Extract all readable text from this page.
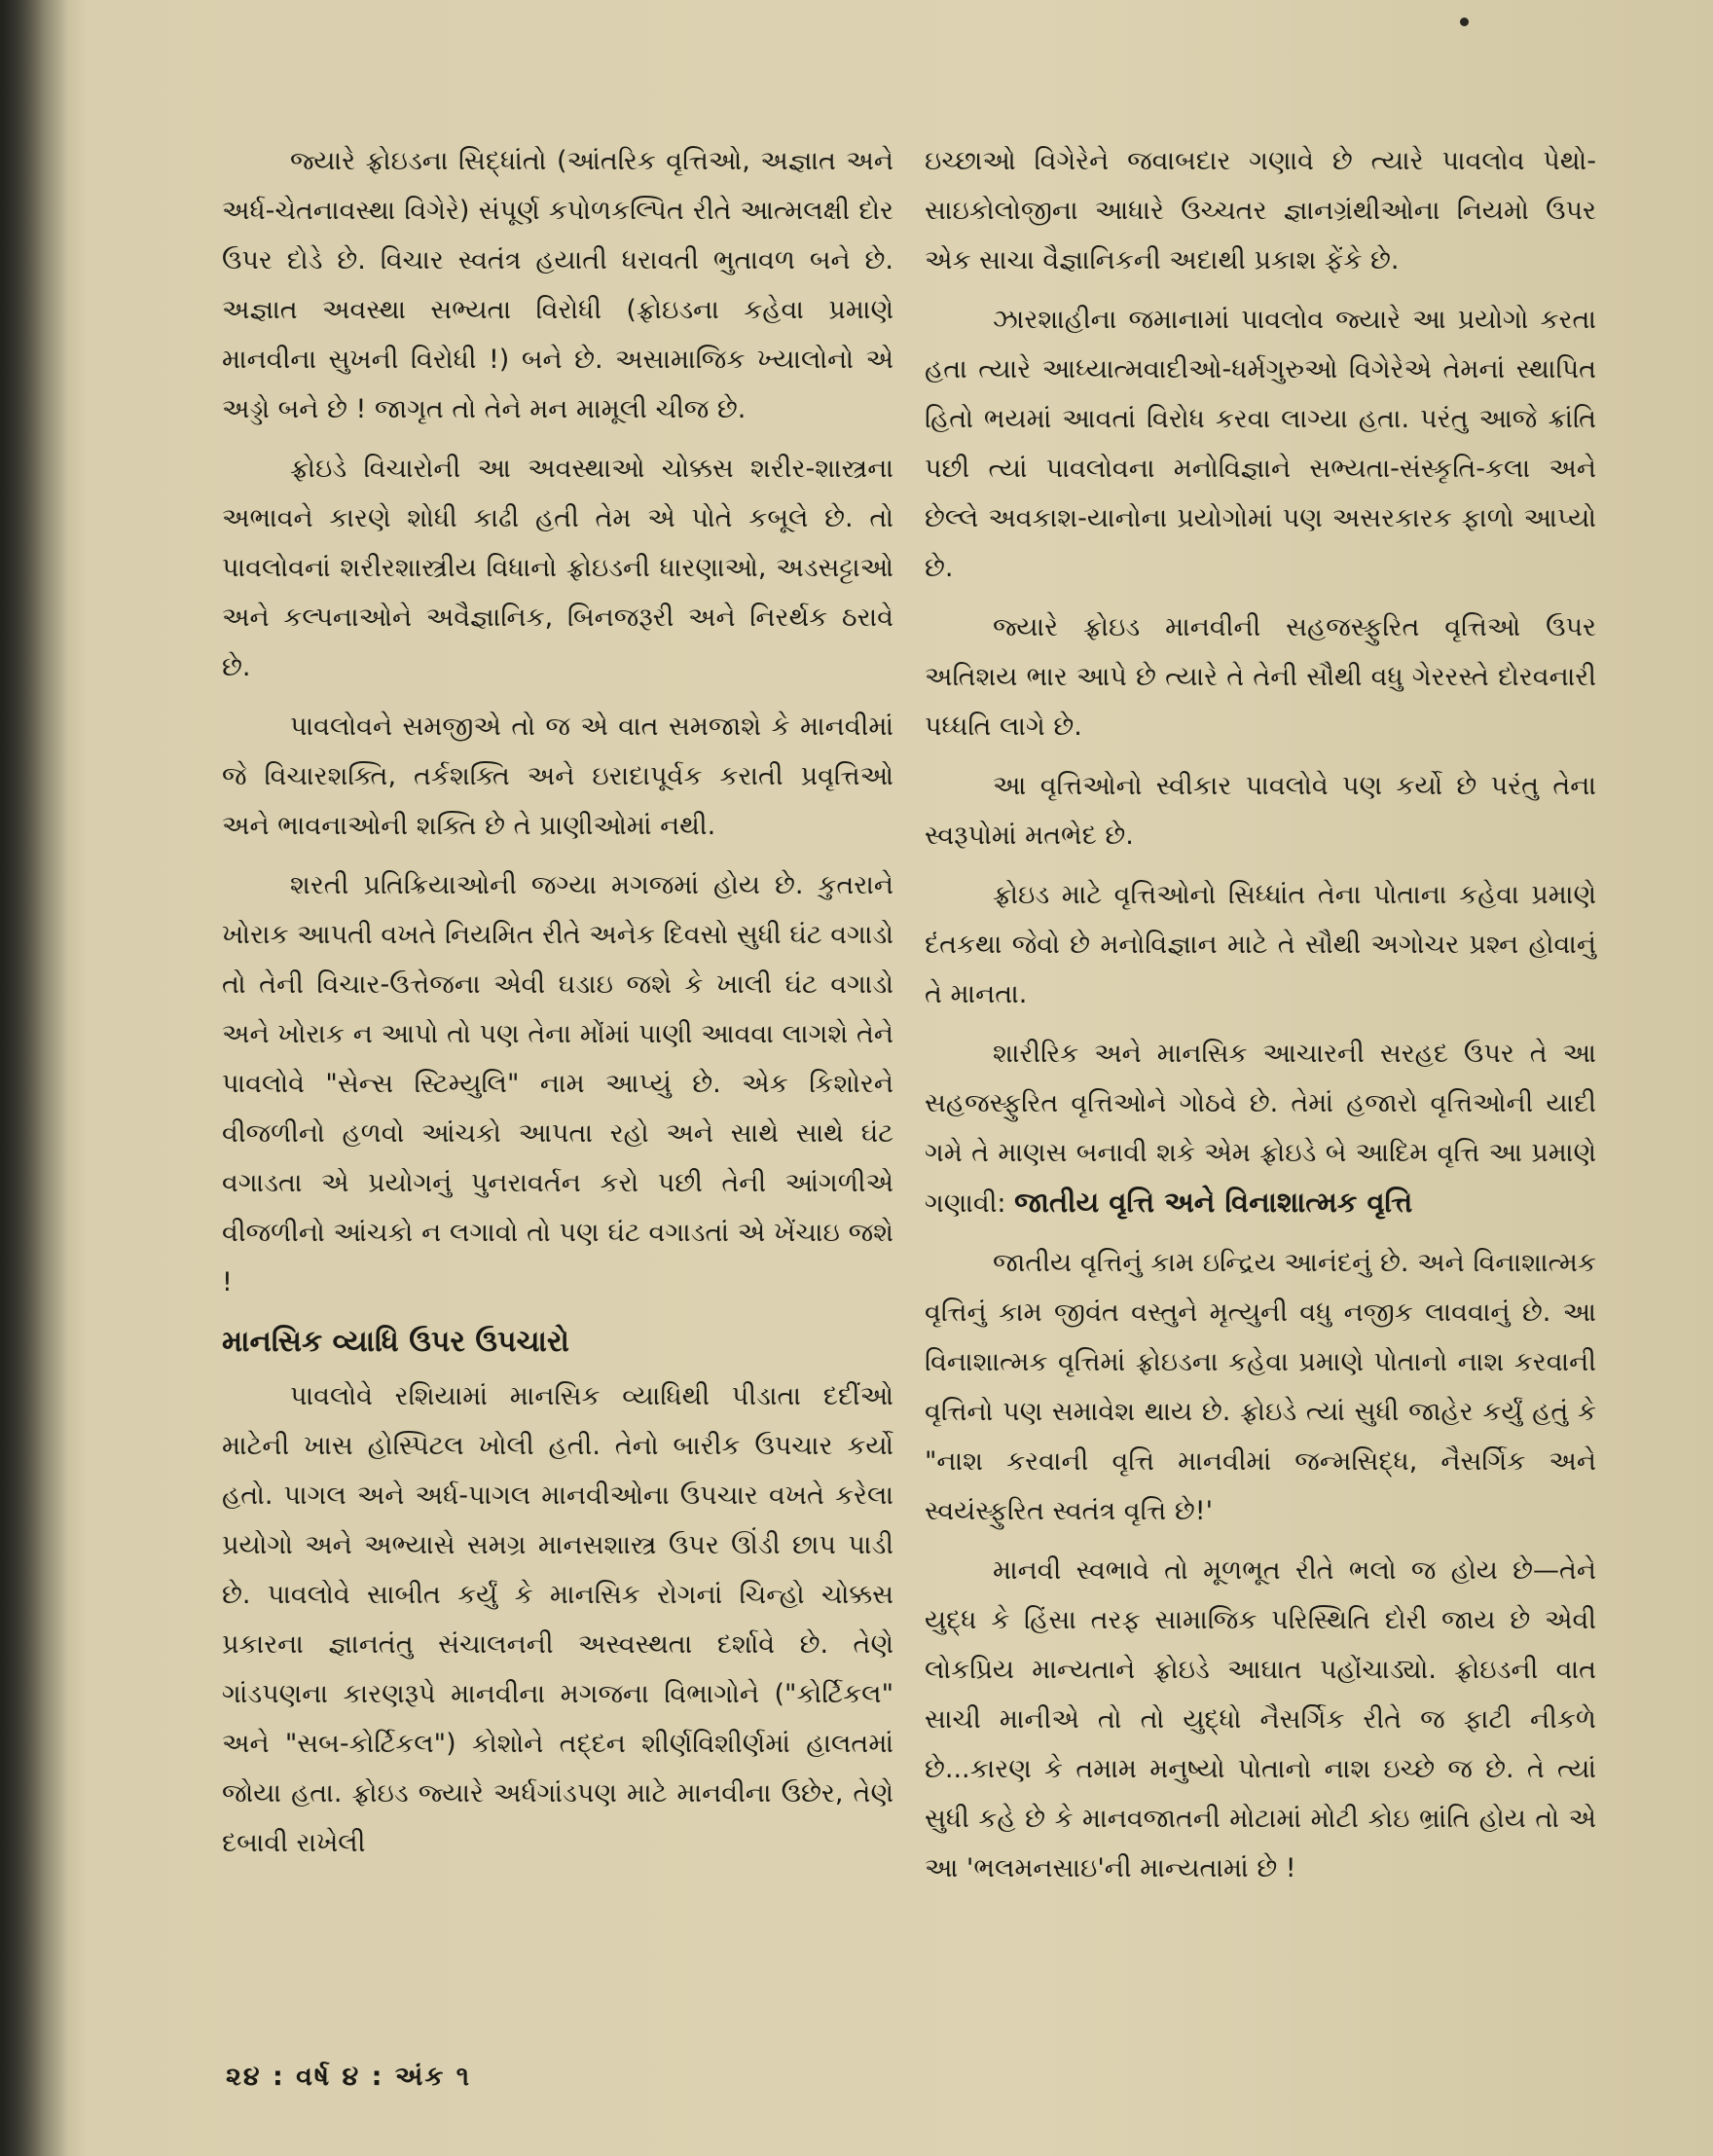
જ્યારે ફ્રોઇડના સિદ્ધાંતો (આંતરિક વૃત્તિઓ, અજ્ઞાત અને અર્ધ-ચેતનાવસ્થા વિગેરે) સંપૂર્ણ કપોળકલ્પિત રીતે આત્મલક્ષી દોર ઉપર દોડે છે. વિચાર સ્વતંત્ર હયાતી ધરાવતી ભુતાવળ બને છે. અજ્ઞાત અવસ્થા સભ્યતા વિરોધી (ફ્રોઇડના કહેવા પ્રમાણે માનવીના સુખની વિરોધી !) બને છે. અસામાજિક ખ્યાલોનો એ અડ્ડો બને છે ! જાગૃત તો તેને મન મામૂલી ચીજ છે.

ફ્રોઇડે વિચારોની આ અવસ્થાઓ ચોક્કસ શરીર-શાસ્ત્રના અભાવને કારણે શોધી કાઢી હતી તેમ એ પોતે કબૂલે છે. તો પાવલોવનાં શરીરશાસ્ત્રીય વિધાનો ફ્રોઇડની ધારણાઓ, અડસટ્ટાઓ અને કલ્પનાઓને અવૈજ્ઞાનિક, બિનજરૂરી અને નિરર્થક ઠરાવે છે.

પાવલોવને સમજીએ તો જ એ વાત સમજાશે કે માનવીમાં જે વિચારશક્તિ, તર્કશક્તિ અને ઇરાદાપૂર્વક કરાતી પ્રવૃત્તિઓ અને ભાવનાઓની શક્તિ છે તે પ્રાણીઓમાં નથી.

શરતી પ્રતિક્રિયાઓની જગ્યા મગજમાં હોય છે. કુતરાને ખોરાક આપતી વખતે નિયમિત રીતે અનેક દિવસો સુધી ઘંટ વગાડો તો તેની વિચાર-ઉત્તેજના એવી ઘડાઇ જશે કે ખાલી ઘંટ વગાડો અને ખોરાક ન આપો તો પણ તેના મોંમાં પાણી આવવા લાગશે તેને પાવલોવે "સેન્સ સ્ટિમ્યુલિ" નામ આપ્યું છે. એક કિશોરને વીજળીનો હળવો આંચકો આપતા રહો અને સાથે સાથે ઘંટ વગાડતા એ પ્રયોગનું પુનરાવર્તન કરો પછી તેની આંગળીએ વીજળીનો આંચકો ન લગાવો તો પણ ઘંટ વગાડતાં એ ખેંચાઇ જશે !

માનસિક વ્યાધિ ઉપર ઉપચારો

પાવલોવે રશિયામાં માનસિક વ્યાધિથી પીડાતા દદીંઓ માટેની ખાસ હોસ્પિટલ ખોલી હતી. તેનો બારીક ઉપચાર કર્યો હતો. પાગલ અને અર્ધ-પાગલ માનવીઓના ઉપચાર વખતે કરેલા પ્રયોગો અને અભ્યાસે સમગ્ર માનસશાસ્ત્ર ઉપર ઊંડી છાપ પાડી છે. પાવલોવે સાબીત કર્યું કે માનસિક રોગનાં ચિન્હો ચોક્કસ પ્રકારના જ્ઞાનતંતુ સંચાલનની અસ્વસ્થતા દર્શાવે છે. તેણે ગાંડપણના કારણરૂપે માનવીના મગજના વિભાગોને ("કોર્ટિકલ" અને "સબ-કોર્ટિકલ") કોશોને તદ્દન શીર્ણવિશીર્ણમાં હાલતમાં જોયા હતા. ફ્રોઇડ જ્યારે અર્ધગાંડપણ માટે માનવીના ઉછેર, તેણે દબાવી રાખેલી

ઇચ્છાઓ વિગેરેને જવાબદાર ગણાવે છે ત્યારે પાવલોવ પેથો-સાઇકોલોજીના આધારે ઉચ્ચતર જ્ઞાનગ્રંથીઓના નિયમો ઉપર એક સાચા વૈજ્ઞાનિકની અદાથી પ્રકાશ ફેંકે છે.

ઝારશાહીના જમાનામાં પાવલોવ જ્યારે આ પ્રયોગો કરતા હતા ત્યારે આધ્યાત્મવાદીઓ-ધર્મગુરુઓ વિગેરેએ તેમનાં સ્થાપિત હિતો ભયમાં આવતાં વિરોધ કરવા લાગ્યા હતા. પરંતુ આજે ક્રાંતિ પછી ત્યાં પાવલોવના મનોવિજ્ઞાને સભ્યતા-સંસ્કૃતિ-કલા અને છેલ્લે અવકાશ-યાનોના પ્રયોગોમાં પણ અસરકારક ફાળો આપ્યો છે.

જ્યારે ફ્રોઇડ માનવીની સહજસ્ફુરિત વૃત્તિઓ ઉપર અતિશય ભાર આપે છે ત્યારે તે તેની સૌથી વધુ ગેરરસ્તે દોરવનારી પધ્ધતિ લાગે છે.

આ વૃત્તિઓનો સ્વીકાર પાવલોવે પણ કર્યો છે પરંતુ તેના સ્વરૂપોમાં મતભેદ છે.

ફ્રોઇડ માટે વૃત્તિઓનો સિધ્ધાંત તેના પોતાના કહેવા પ્રમાણે દંતકથા જેવો છે મનોવિજ્ઞાન માટે તે સૌથી અગોચર પ્રશ્ન હોવાનું તે માનતા.

શારીરિક અને માનસિક આચારની સરહદ ઉપર તે આ સહજસ્ફુરિત વૃત્તિઓને ગોઠવે છે. તેમાં હજારો વૃત્તિઓની યાદી ગમે તે માણસ બનાવી શકે એમ ફ્રોઇડે બે આદિમ વૃત્તિ આ પ્રમાણે ગણાવી: જાતીય વૃત્તિ અને વિનાશાત્મક વૃત્તિ

જાતીય વૃત્તિનું કામ ઇન્દ્રિય આનંદનું છે. અને વિનાશાત્મક વૃત્તિનું કામ જીવંત વસ્તુને મૃત્યુની વધુ નજીક લાવવાનું છે. આ વિનાશાત્મક વૃત્તિમાં ફ્રોઇડના કહેવા પ્રમાણે પોતાનો નાશ કરવાની વૃત્તિનો પણ સમાવેશ થાય છે. ફ્રોઇડે ત્યાં સુધી જાહેર કર્યું હતું કે "નાશ કરવાની વૃત્તિ માનવીમાં જન્મસિદ્ધ, નૈસર્ગિક અને સ્વયંસ્ફુરિત સ્વતંત્ર વૃત્તિ છે!'

માનવી સ્વભાવે તો મૂળભૂત રીતે ભલો જ હોય છે—તેને યુદ્ધ કે હિંસા તરફ સામાજિક પરિસ્થિતિ દોરી જાય છે એવી લોકપ્રિય માન્યતાને ફ્રોઇડે આઘાત પહોંચાડ્યો. ફ્રોઇડની વાત સાચી માનીએ તો તો યુદ્ધો નૈસર્ગિક રીતે જ ફાટી નીકળે છે...કારણ કે તમામ મનુષ્યો પોતાનો નાશ ઇચ્છે જ છે. તે ત્યાં સુધી કહે છે કે માનવજાતની મોટામાં મોટી કોઇ ભ્રાંતિ હોય તો એ આ 'ભલમનસાઇ'ની માન્યતામાં છે !

૨૪ : વર્ષ ૪ : અંક ૧
